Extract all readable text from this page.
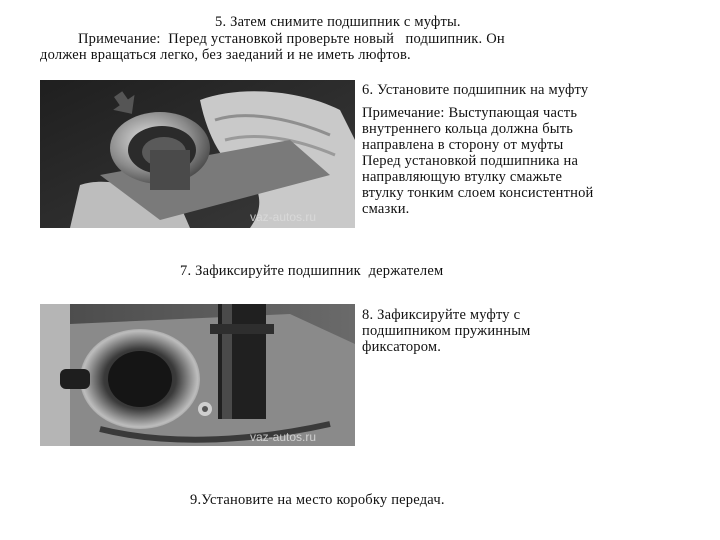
5. Затем снимите подшипник с муфты.
Примечание:  Перед установкой проверьте новый   подшипник. Он
должен вращаться легко, без заеданий и не иметь люфтов.
vaz-autos.ru
6. Установите подшипник на муфту
Примечание: Выступающая часть
внутреннего кольца должна быть
направлена в сторону от муфты
Перед установкой подшипника на
направляющую втулку смажьте
втулку тонким слоем консистентной
смазки.
7. Зафиксируйте подшипник  держателем
vaz-autos.ru
8. Зафиксируйте муфту с
подшипником пружинным
фиксатором.
9.Установите на место коробку передач.
